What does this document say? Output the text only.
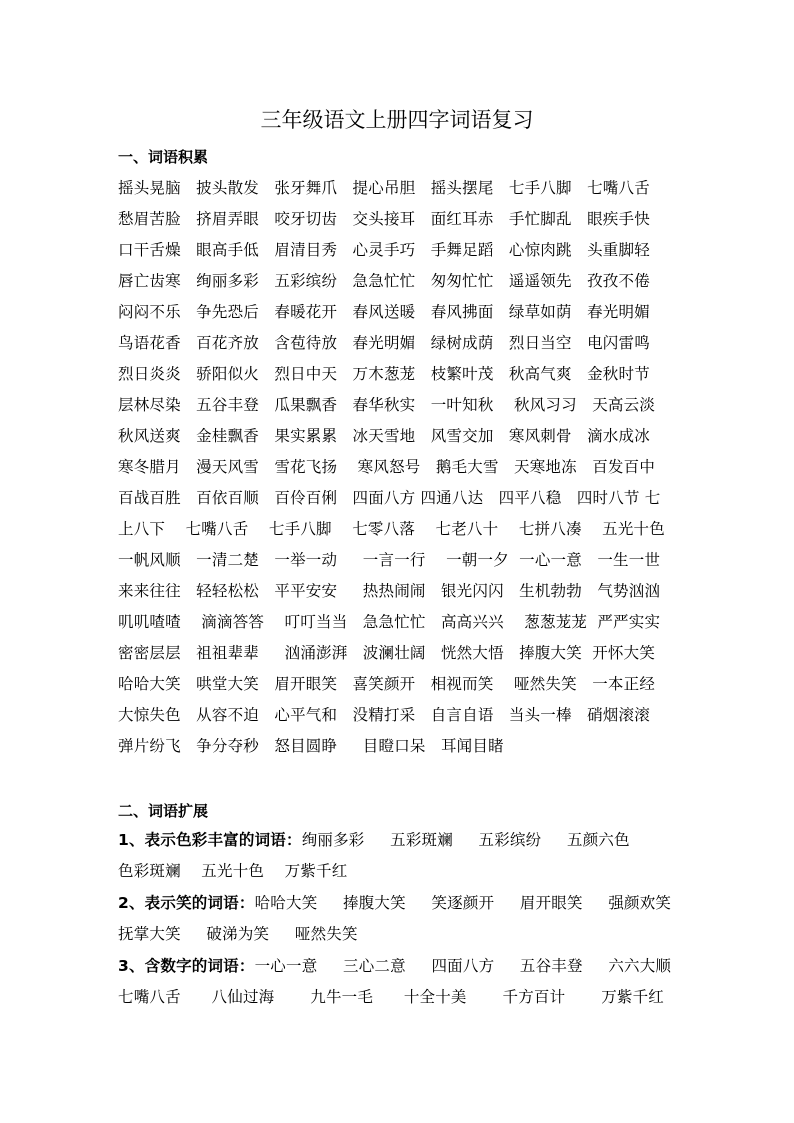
三年级语文上册四字词语复习
一、词语积累
摇头晃脑   披头散发   张牙舞爪   提心吊胆   摇头摆尾   七手八脚   七嘴八舌
愁眉苦脸   挤眉弄眼   咬牙切齿   交头接耳   面红耳赤   手忙脚乱   眼疾手快
口干舌燥   眼高手低   眉清目秀   心灵手巧   手舞足蹈   心惊肉跳   头重脚轻
唇亡齿寒   绚丽多彩   五彩缤纷   急急忙忙   匆匆忙忙   遥遥领先   孜孜不倦
闷闷不乐   争先恐后   春暖花开   春风送暖   春风拂面   绿草如荫   春光明媚
鸟语花香   百花齐放   含苞待放   春光明媚   绿树成荫   烈日当空   电闪雷鸣
烈日炎炎   骄阳似火   烈日中天   万木葱茏   枝繁叶茂   秋高气爽   金秋时节
层林尽染   五谷丰登   瓜果飘香   春华秋实   一叶知秋    秋风习习   天高云淡
秋风送爽   金桂飘香   果实累累   冰天雪地   风雪交加   寒风刺骨   滴水成冰
寒冬腊月   漫天风雪   雪花飞扬    寒风怒号   鹅毛大雪   天寒地冻   百发百中
百战百胜   百依百顺   百伶百俐   四面八方 四通八达   四平八稳   四时八节 七
上八下    七嘴八舌    七手八脚    七零八落    七老八十    七拼八凑    五光十色
一帆风顺   一清二楚   一举一动     一言一行    一朝一夕  一心一意   一生一世
来来往往   轻轻松松   平平安安     热热闹闹   银光闪闪   生机勃勃   气势汹汹
叽叽喳喳    滴滴答答    叮叮当当   急急忙忙   高高兴兴    葱葱茏茏  严严实实
密密层层   祖祖辈辈     汹涌澎湃   波澜壮阔   恍然大悟   捧腹大笑  开怀大笑
哈哈大笑   哄堂大笑   眉开眼笑   喜笑颜开   相视而笑    哑然失笑   一本正经
大惊失色   从容不迫   心平气和   没精打采   自言自语   当头一棒   硝烟滚滚
弹片纷飞   争分夺秒   怒目圆睁     目瞪口呆   耳闻目睹
二、词语扩展
1、表示色彩丰富的词语：绚丽多彩     五彩斑斓     五彩缤纷     五颜六色
色彩斑斓    五光十色    万紫千红
2、表示笑的词语：哈哈大笑     捧腹大笑     笑逐颜开     眉开眼笑     强颜欢笑
抚掌大笑     破涕为笑     哑然失笑
3、含数字的词语：一心一意     三心二意     四面八方     五谷丰登     六六大顺
七嘴八舌      八仙过海       九牛一毛      十全十美       千方百计       万紫千红
